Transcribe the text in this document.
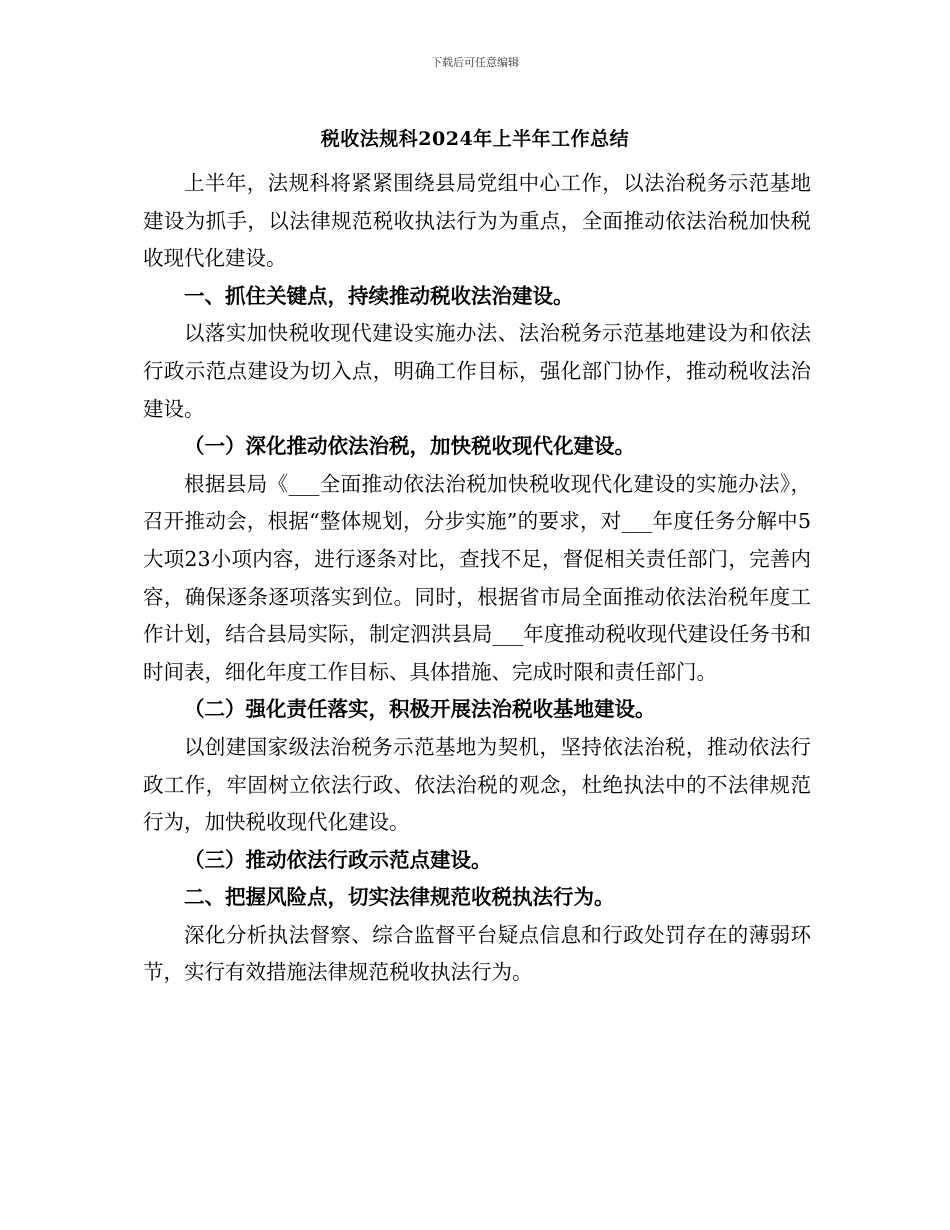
下载后可任意编辑
税收法规科2024年上半年工作总结

上半年，法规科将紧紧围绕县局党组中心工作，以法治税务示范基地建设为抓手，以法律规范税收执法行为为重点，全面推动依法治税加快税收现代化建设。

一、抓住关键点，持续推动税收法治建设。

以落实加快税收现代建设实施办法、法治税务示范基地建设为和依法行政示范点建设为切入点，明确工作目标，强化部门协作，推动税收法治建设。

（一）深化推动依法治税，加快税收现代化建设。

根据县局《___全面推动依法治税加快税收现代化建设的实施办法》，召开推动会，根据“整体规划，分步实施”的要求，对___年度任务分解中5大项23小项内容，进行逐条对比，查找不足，督促相关责任部门，完善内容，确保逐条逐项落实到位。同时，根据省市局全面推动依法治税年度工作计划，结合县局实际，制定泗洪县局___年度推动税收现代建设任务书和时间表，细化年度工作目标、具体措施、完成时限和责任部门。

（二）强化责任落实，积极开展法治税收基地建设。

以创建国家级法治税务示范基地为契机，坚持依法治税，推动依法行政工作，牢固树立依法行政、依法治税的观念，杜绝执法中的不法律规范行为，加快税收现代化建设。

（三）推动依法行政示范点建设。

二、把握风险点，切实法律规范收税执法行为。

深化分析执法督察、综合监督平台疑点信息和行政处罚存在的薄弱环节，实行有效措施法律规范税收执法行为。
